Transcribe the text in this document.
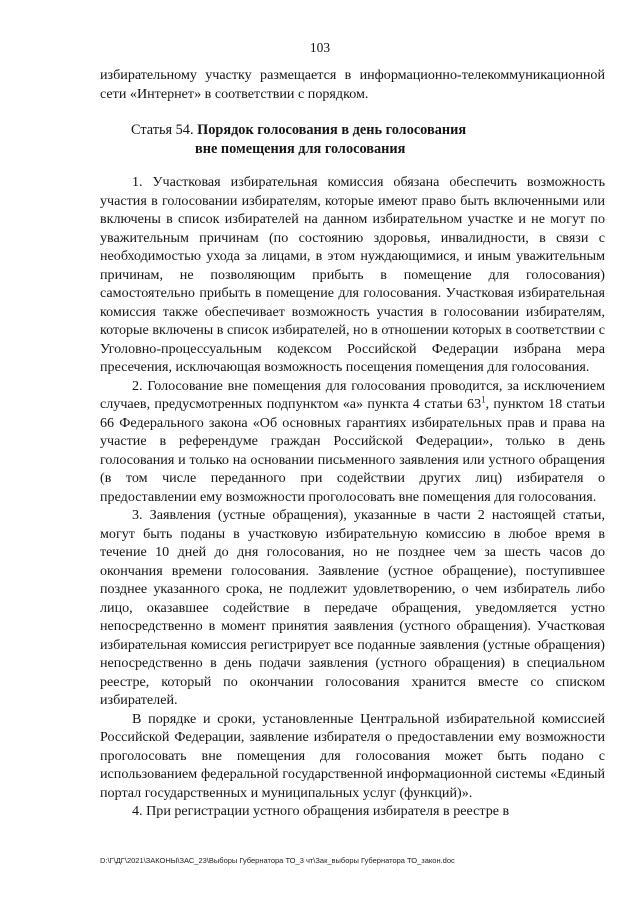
103

избирательному участку размещается в информационно-телекоммуникационной сети «Интернет» в соответствии с порядком.

Статья 54. Порядок голосования в день голосования
вне помещения для голосования

1. Участковая избирательная комиссия обязана обеспечить возможность участия в голосовании избирателям, которые имеют право быть включенными или включены в список избирателей на данном избирательном участке и не могут по уважительным причинам (по состоянию здоровья, инвалидности, в связи с необходимостью ухода за лицами, в этом нуждающимися, и иным уважительным причинам, не позволяющим прибыть в помещение для голосования) самостоятельно прибыть в помещение для голосования. Участковая избирательная комиссия также обеспечивает возможность участия в голосовании избирателям, которые включены в список избирателей, но в отношении которых в соответствии с Уголовно-процессуальным кодексом Российской Федерации избрана мера пресечения, исключающая возможность посещения помещения для голосования.

2. Голосование вне помещения для голосования проводится, за исключением случаев, предусмотренных подпунктом «а» пункта 4 статьи $63^1$, пунктом 18 статьи 66 Федерального закона «Об основных гарантиях избирательных прав и права на участие в референдуме граждан Российской Федерации», только в день голосования и только на основании письменного заявления или устного обращения (в том числе переданного при содействии других лиц) избирателя о предоставлении ему возможности проголосовать вне помещения для голосования.

3. Заявления (устные обращения), указанные в части 2 настоящей статьи, могут быть поданы в участковую избирательную комиссию в любое время в течение 10 дней до дня голосования, но не позднее чем за шесть часов до окончания времени голосования. Заявление (устное обращение), поступившее позднее указанного срока, не подлежит удовлетворению, о чем избиратель либо лицо, оказавшее содействие в передаче обращения, уведомляется устно непосредственно в момент принятия заявления (устного обращения). Участковая избирательная комиссия регистрирует все поданные заявления (устные обращения) непосредственно в день подачи заявления (устного обращения) в специальном реестре, который по окончании голосования хранится вместе со списком избирателей.

В порядке и сроки, установленные Центральной избирательной комиссией Российской Федерации, заявление избирателя о предоставлении ему возможности проголосовать вне помещения для голосования может быть подано с использованием федеральной государственной информационной системы «Единый портал государственных и муниципальных услуг (функций)».

4. При регистрации устного обращения избирателя в реестре в

D:\Г\ДГ\2021\ЗАКОНЫ\ЗАС_23\Выборы Губернатора ТО_3 чт\Зак_выборы Губернатора ТО_закон.doc
